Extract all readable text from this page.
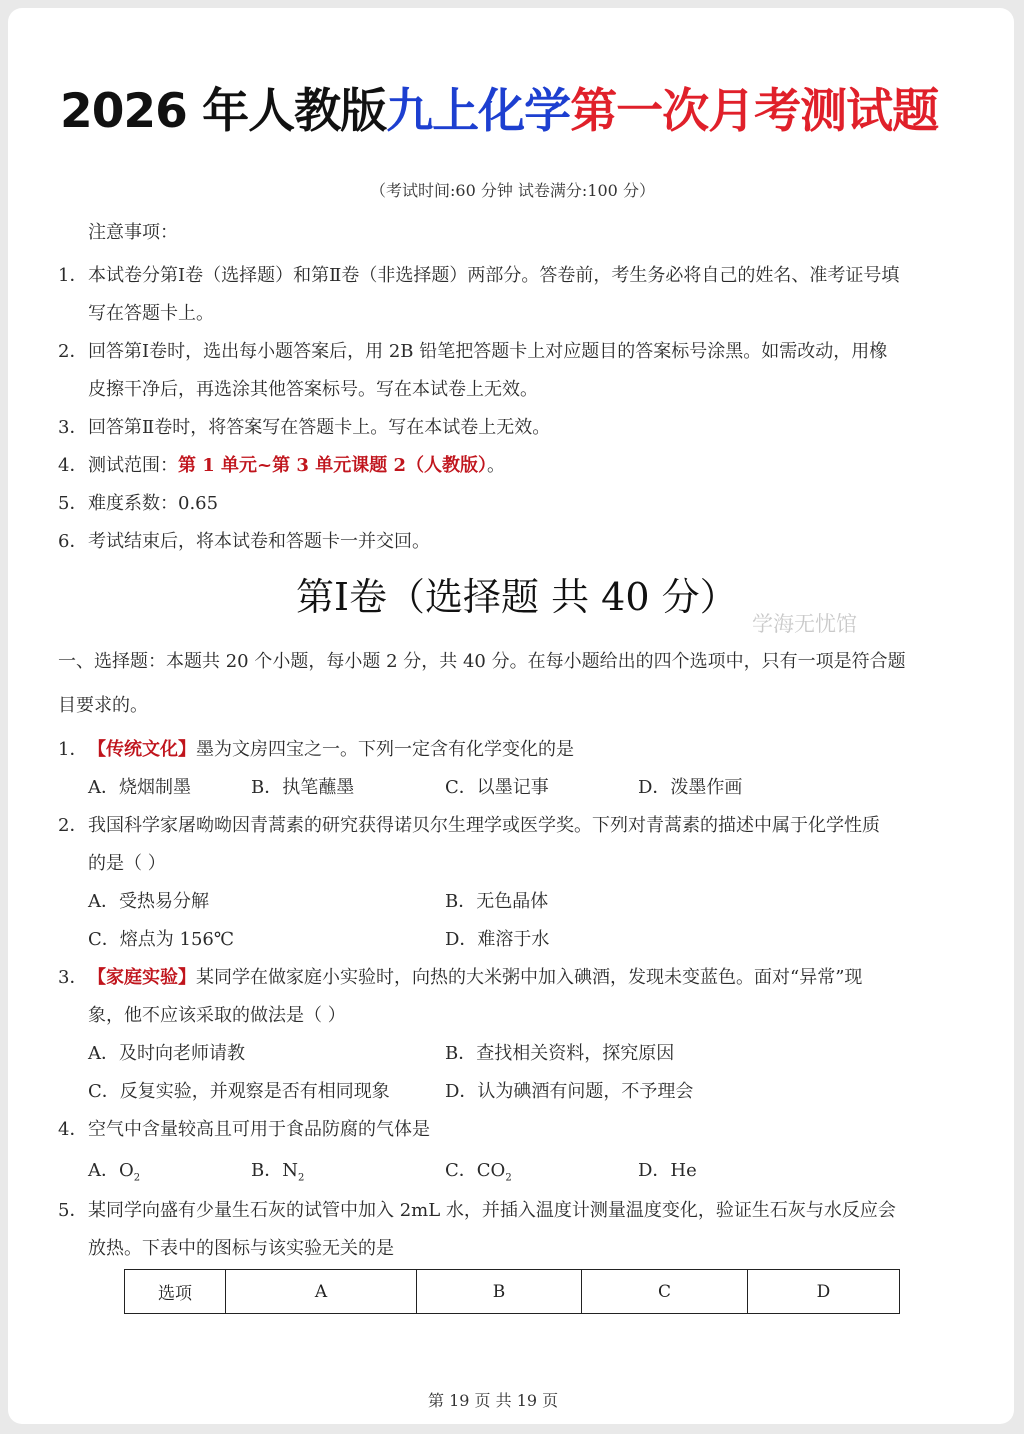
2026 年人教版九上化学第一次月考测试题
（考试时间:60 分钟 试卷满分:100 分）
注意事项：
1． 本试卷分第Ⅰ卷（选择题）和第Ⅱ卷（非选择题）两部分。答卷前，考生务必将自己的姓名、准考证号填
写在答题卡上。
2． 回答第Ⅰ卷时，选出每小题答案后，用 2B 铅笔把答题卡上对应题目的答案标号涂黑。如需改动，用橡
皮擦干净后，再选涂其他答案标号。写在本试卷上无效。
3． 回答第Ⅱ卷时，将答案写在答题卡上。写在本试卷上无效。
4． 测试范围：第 1 单元~第 3 单元课题 2（人教版）。
5． 难度系数：0.65
6． 考试结束后，将本试卷和答题卡一并交回。
第Ⅰ卷（选择题 共 40 分）
学海无忧馆
一、选择题：本题共 20 个小题，每小题 2 分，共 40 分。在每小题给出的四个选项中，只有一项是符合题
目要求的。
1． 【传统文化】墨为文房四宝之一。下列一定含有化学变化的是
A．烧烟制墨	B．执笔蘸墨	C．以墨记事	D．泼墨作画
2． 我国科学家屠呦呦因青蒿素的研究获得诺贝尔生理学或医学奖。下列对青蒿素的描述中属于化学性质
的是（ ）
A．受热易分解	B．无色晶体
C．熔点为 156℃	D．难溶于水
3． 【家庭实验】某同学在做家庭小实验时，向热的大米粥中加入碘酒，发现未变蓝色。面对“异常”现
象，他不应该采取的做法是（ ）
A．及时向老师请教	B．查找相关资料，探究原因
C．反复实验，并观察是否有相同现象	D．认为碘酒有问题，不予理会
4． 空气中含量较高且可用于食品防腐的气体是
A．$O_2$	B．$N_2$	C．$CO_2$	D．He
5． 某同学向盛有少量生石灰的试管中加入 2mL 水，并插入温度计测量温度变化，验证生石灰与水反应会
放热。下表中的图标与该实验无关的是
选项	A	B	C	D
第 19 页 共 19 页
